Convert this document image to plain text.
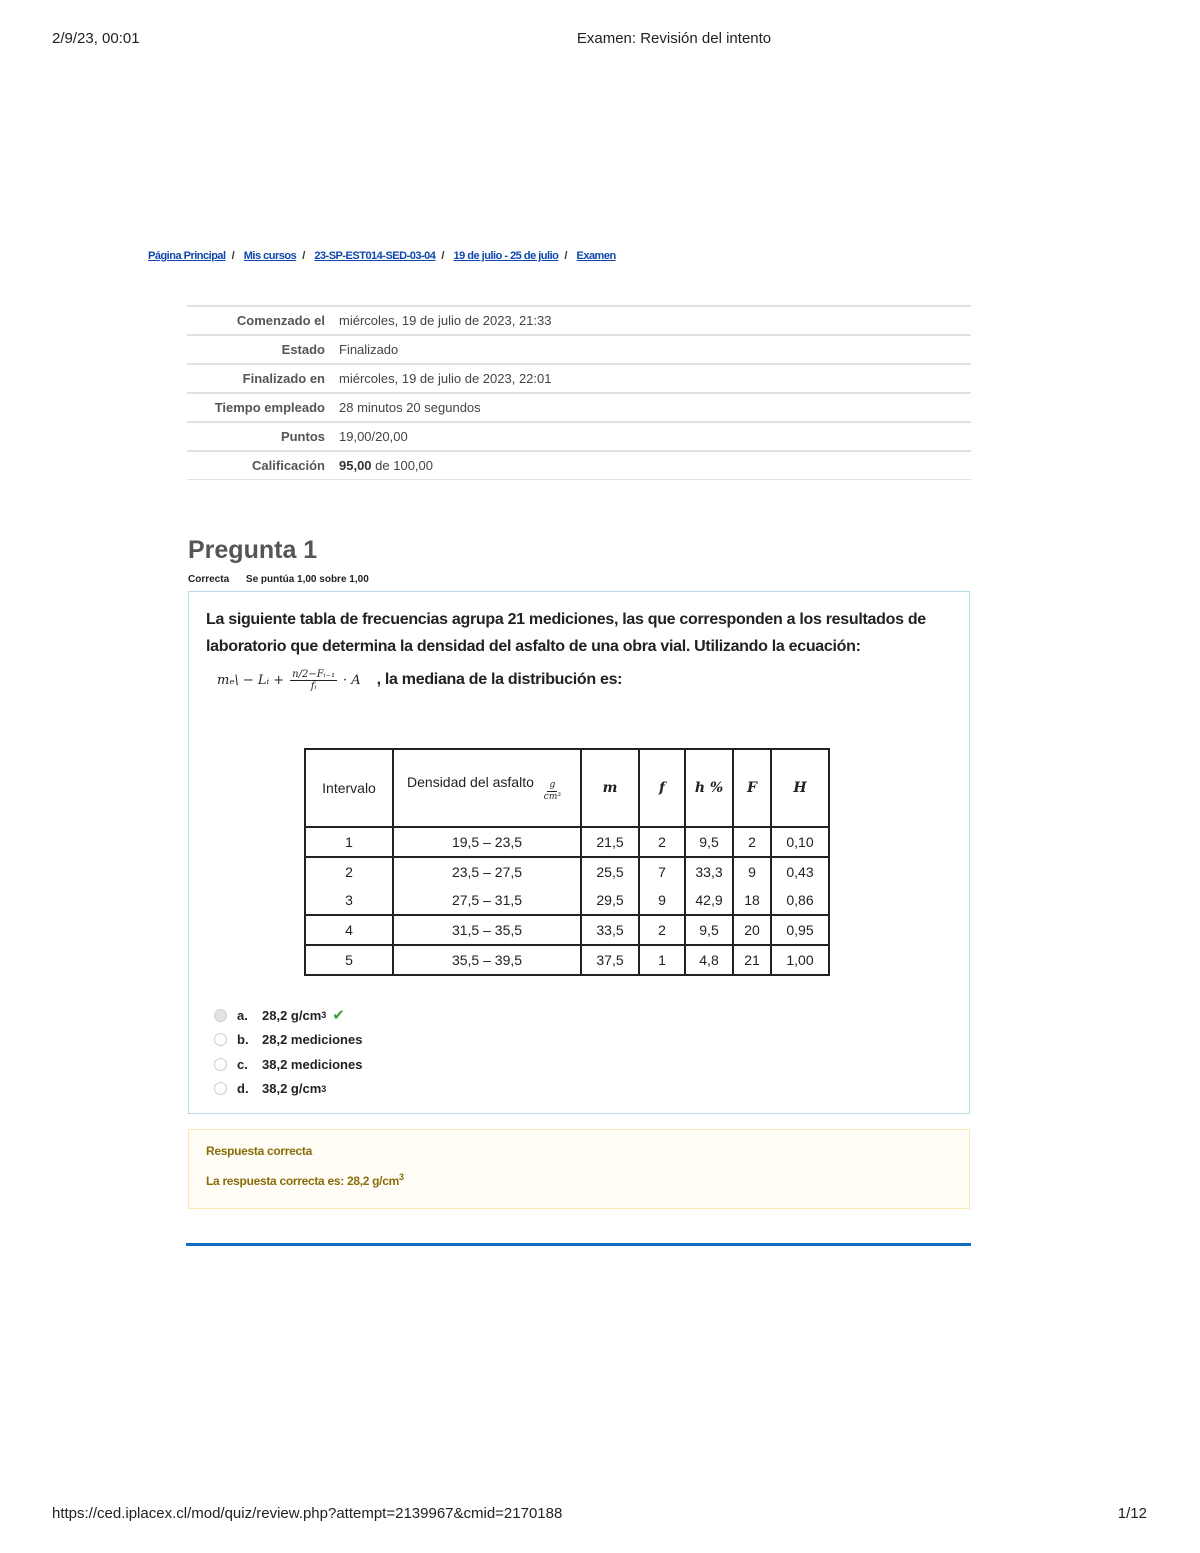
2/9/23, 00:01	Examen: Revisión del intento
Página Principal / Mis cursos / 23-SP-EST014-SED-03-04 / 19 de julio - 25 de julio / Examen
Comenzado el	miércoles, 19 de julio de 2023, 21:33
Estado	Finalizado
Finalizado en	miércoles, 19 de julio de 2023, 22:01
Tiempo empleado	28 minutos 20 segundos
Puntos	19,00/20,00
Calificación	95,00 de 100,00
Pregunta 1
Correcta Se puntúa 1,00 sobre 1,00

La siguiente tabla de frecuencias agrupa 21 mediciones, las que corresponden a los resultados de laboratorio que determina la densidad del asfalto de una obra vial. Utilizando la ecuación:

mₑ\ − Lᵢ + $\frac{\text{n/2−Fᵢ₋₁}}{\text{fᵢ}} \cdot A$ , la mediana de la distribución es:
Intervalo	Densidad del asfalto $\frac{g}{\text{cm³}}$	m	f	h %	F	H
1	19,5 – 23,5	21,5	2	9,5	2	0,10
2	23,5 – 27,5	25,5	7	33,3	9	0,43
3	27,5 – 31,5	29,5	9	42,9	18	0,86
4	31,5 – 35,5	33,5	2	9,5	20	0,95
5	35,5 – 39,5	37,5	1	4,8	21	1,00
a.	28,2 g/cm 3 ✔
b.	28,2 mediciones
c.	38,2 mediciones
d.	38,2 g/cm 3
Respuesta correcta
La respuesta correcta es: 28,2 $g/cm^3$
https://ced.iplacex.cl/mod/quiz/review.php?attempt=2139967&cmid=2170188	1/12
